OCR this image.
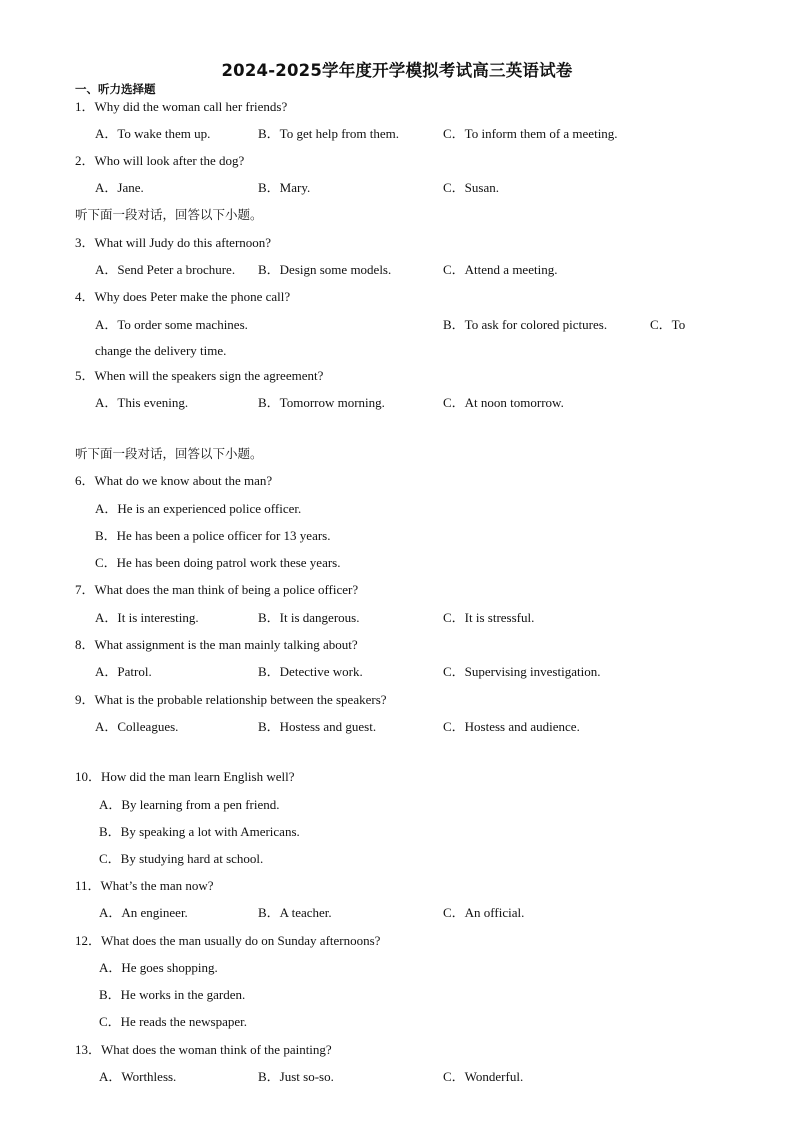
2024-2025学年度开学模拟考试高三英语试卷
一、听力选择题
1．Why did the woman call her friends?
A．To wake them up.	B．To get help from them.	C．To inform them of a meeting.
2．Who will look after the dog?
A．Jane.	B．Mary.	C．Susan.
听下面一段对话，回答以下小题。
3．What will Judy do this afternoon?
A．Send Peter a brochure. B．Design some models.	C．Attend a meeting.
4．Why does Peter make the phone call?
A．To order some machines.	B．To ask for colored pictures.	C．To
change the delivery time.
5．When will the speakers sign the agreement?
A．This evening.	B．Tomorrow morning.	C．At noon tomorrow.
听下面一段对话，回答以下小题。
6．What do we know about the man?
A．He is an experienced police officer.
B．He has been a police officer for 13 years.
C．He has been doing patrol work these years.
7．What does the man think of being a police officer?
A．It is interesting.	B．It is dangerous.	C．It is stressful.
8．What assignment is the man mainly talking about?
A．Patrol.	B．Detective work.	C．Supervising investigation.
9．What is the probable relationship between the speakers?
A．Colleagues.	B．Hostess and guest.	C．Hostess and audience.
10．How did the man learn English well?
A．By learning from a pen friend.
B．By speaking a lot with Americans.
C．By studying hard at school.
11．What’s the man now?
A．An engineer.	B．A teacher.	C．An official.
12．What does the man usually do on Sunday afternoons?
A．He goes shopping.
B．He works in the garden.
C．He reads the newspaper.
13．What does the woman think of the painting?
A．Worthless.	B．Just so-so.	C．Wonderful.
